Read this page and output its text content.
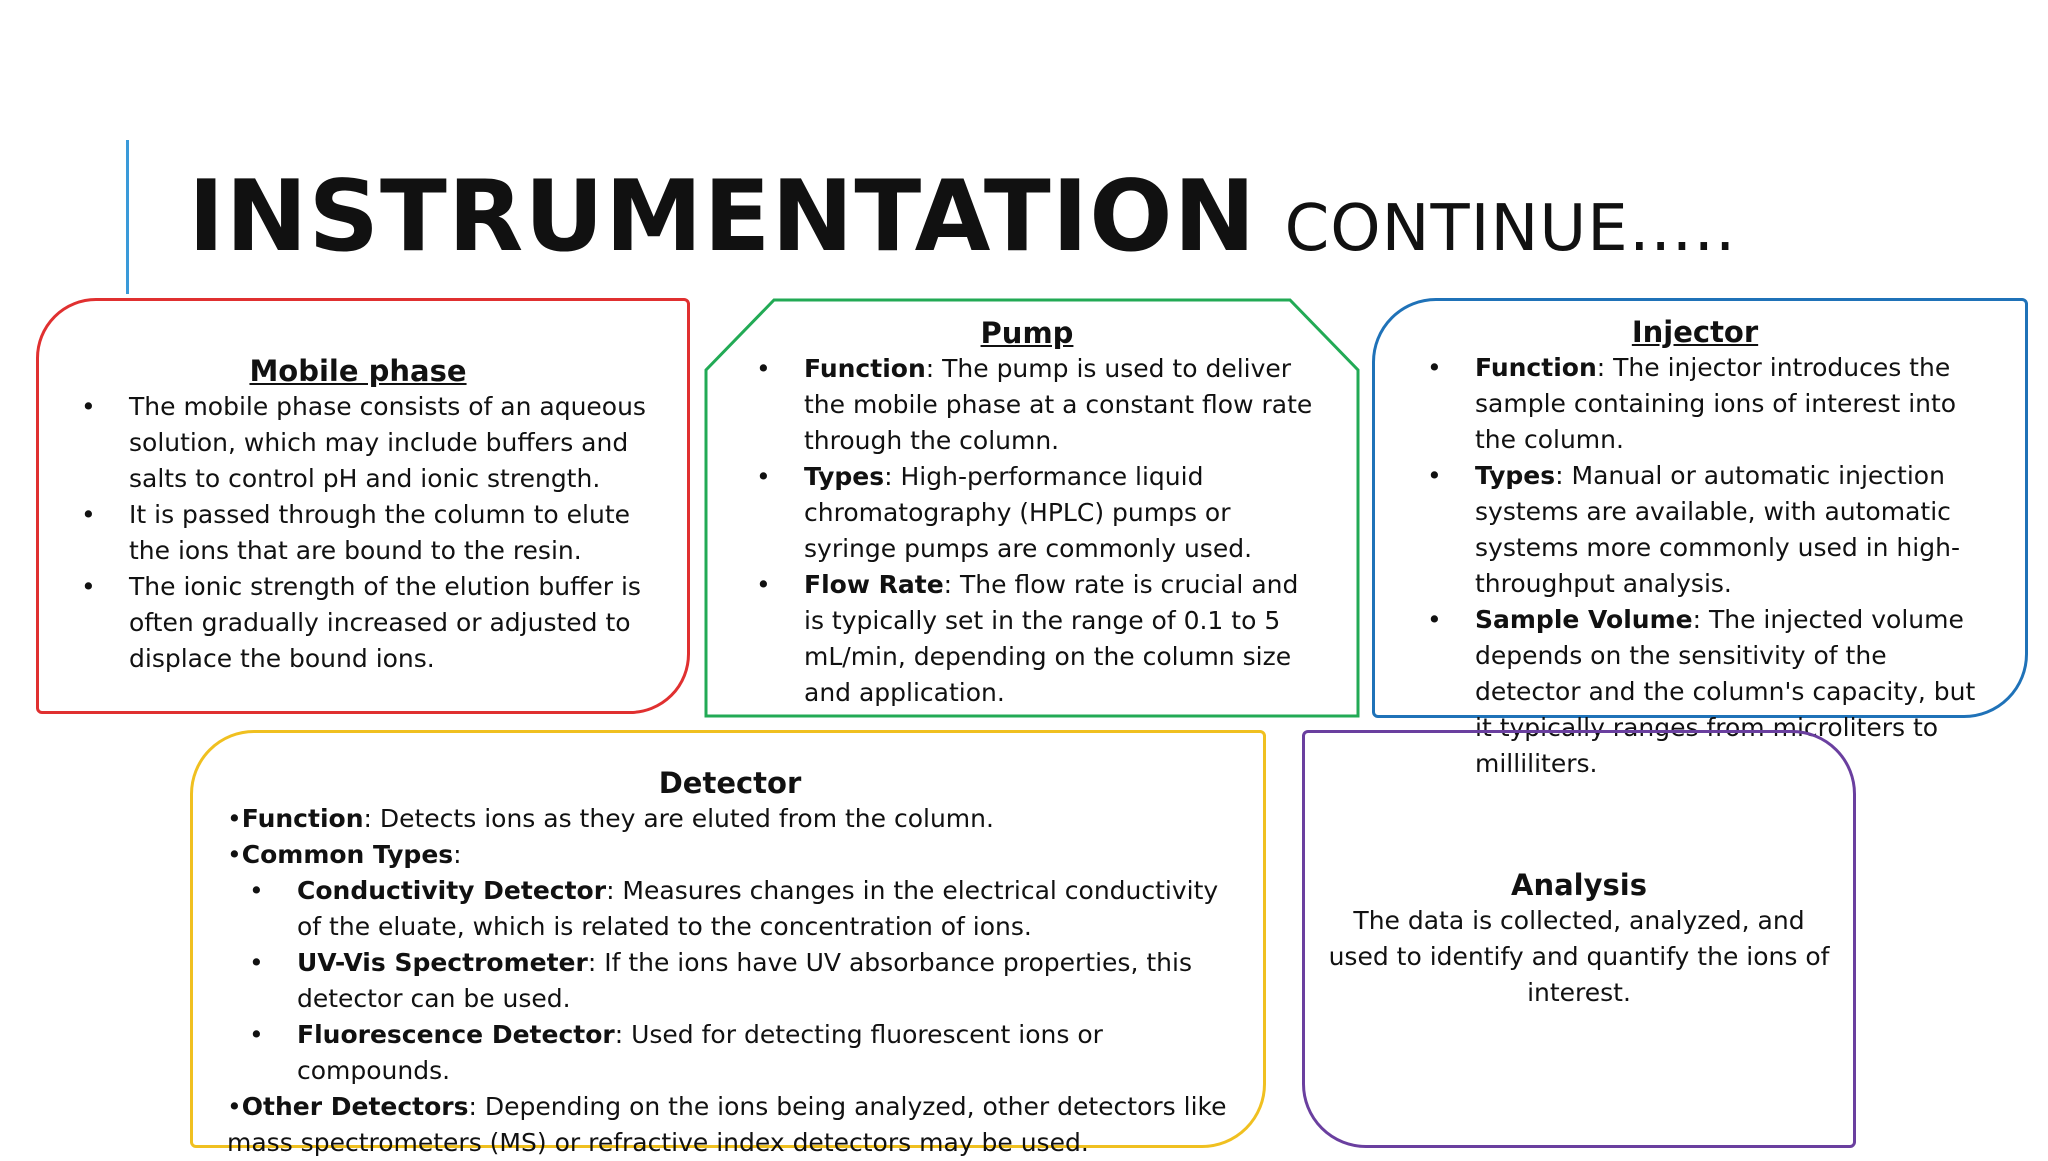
INSTRUMENTATION CONTINUE…..
Mobile phase
• The mobile phase consists of an aqueous solution, which may include buffers and salts to control pH and ionic strength.
• It is passed through the column to elute the ions that are bound to the resin.
• The ionic strength of the elution buffer is often gradually increased or adjusted to displace the bound ions.
Pump
• Function: The pump is used to deliver the mobile phase at a constant flow rate through the column.
• Types: High-performance liquid chromatography (HPLC) pumps or syringe pumps are commonly used.
• Flow Rate: The flow rate is crucial and is typically set in the range of 0.1 to 5 mL/min, depending on the column size and application.
Injector
• Function: The injector introduces the sample containing ions of interest into the column.
• Types: Manual or automatic injection systems are available, with automatic systems more commonly used in high-throughput analysis.
• Sample Volume: The injected volume depends on the sensitivity of the detector and the column's capacity, but it typically ranges from microliters to milliliters.
Detector
•Function: Detects ions as they are eluted from the column.
•Common Types:
• Conductivity Detector: Measures changes in the electrical conductivity of the eluate, which is related to the concentration of ions.
• UV-Vis Spectrometer: If the ions have UV absorbance properties, this detector can be used.
• Fluorescence Detector: Used for detecting fluorescent ions or compounds.
•Other Detectors: Depending on the ions being analyzed, other detectors like mass spectrometers (MS) or refractive index detectors may be used.
Analysis
The data is collected, analyzed, and used to identify and quantify the ions of interest.
